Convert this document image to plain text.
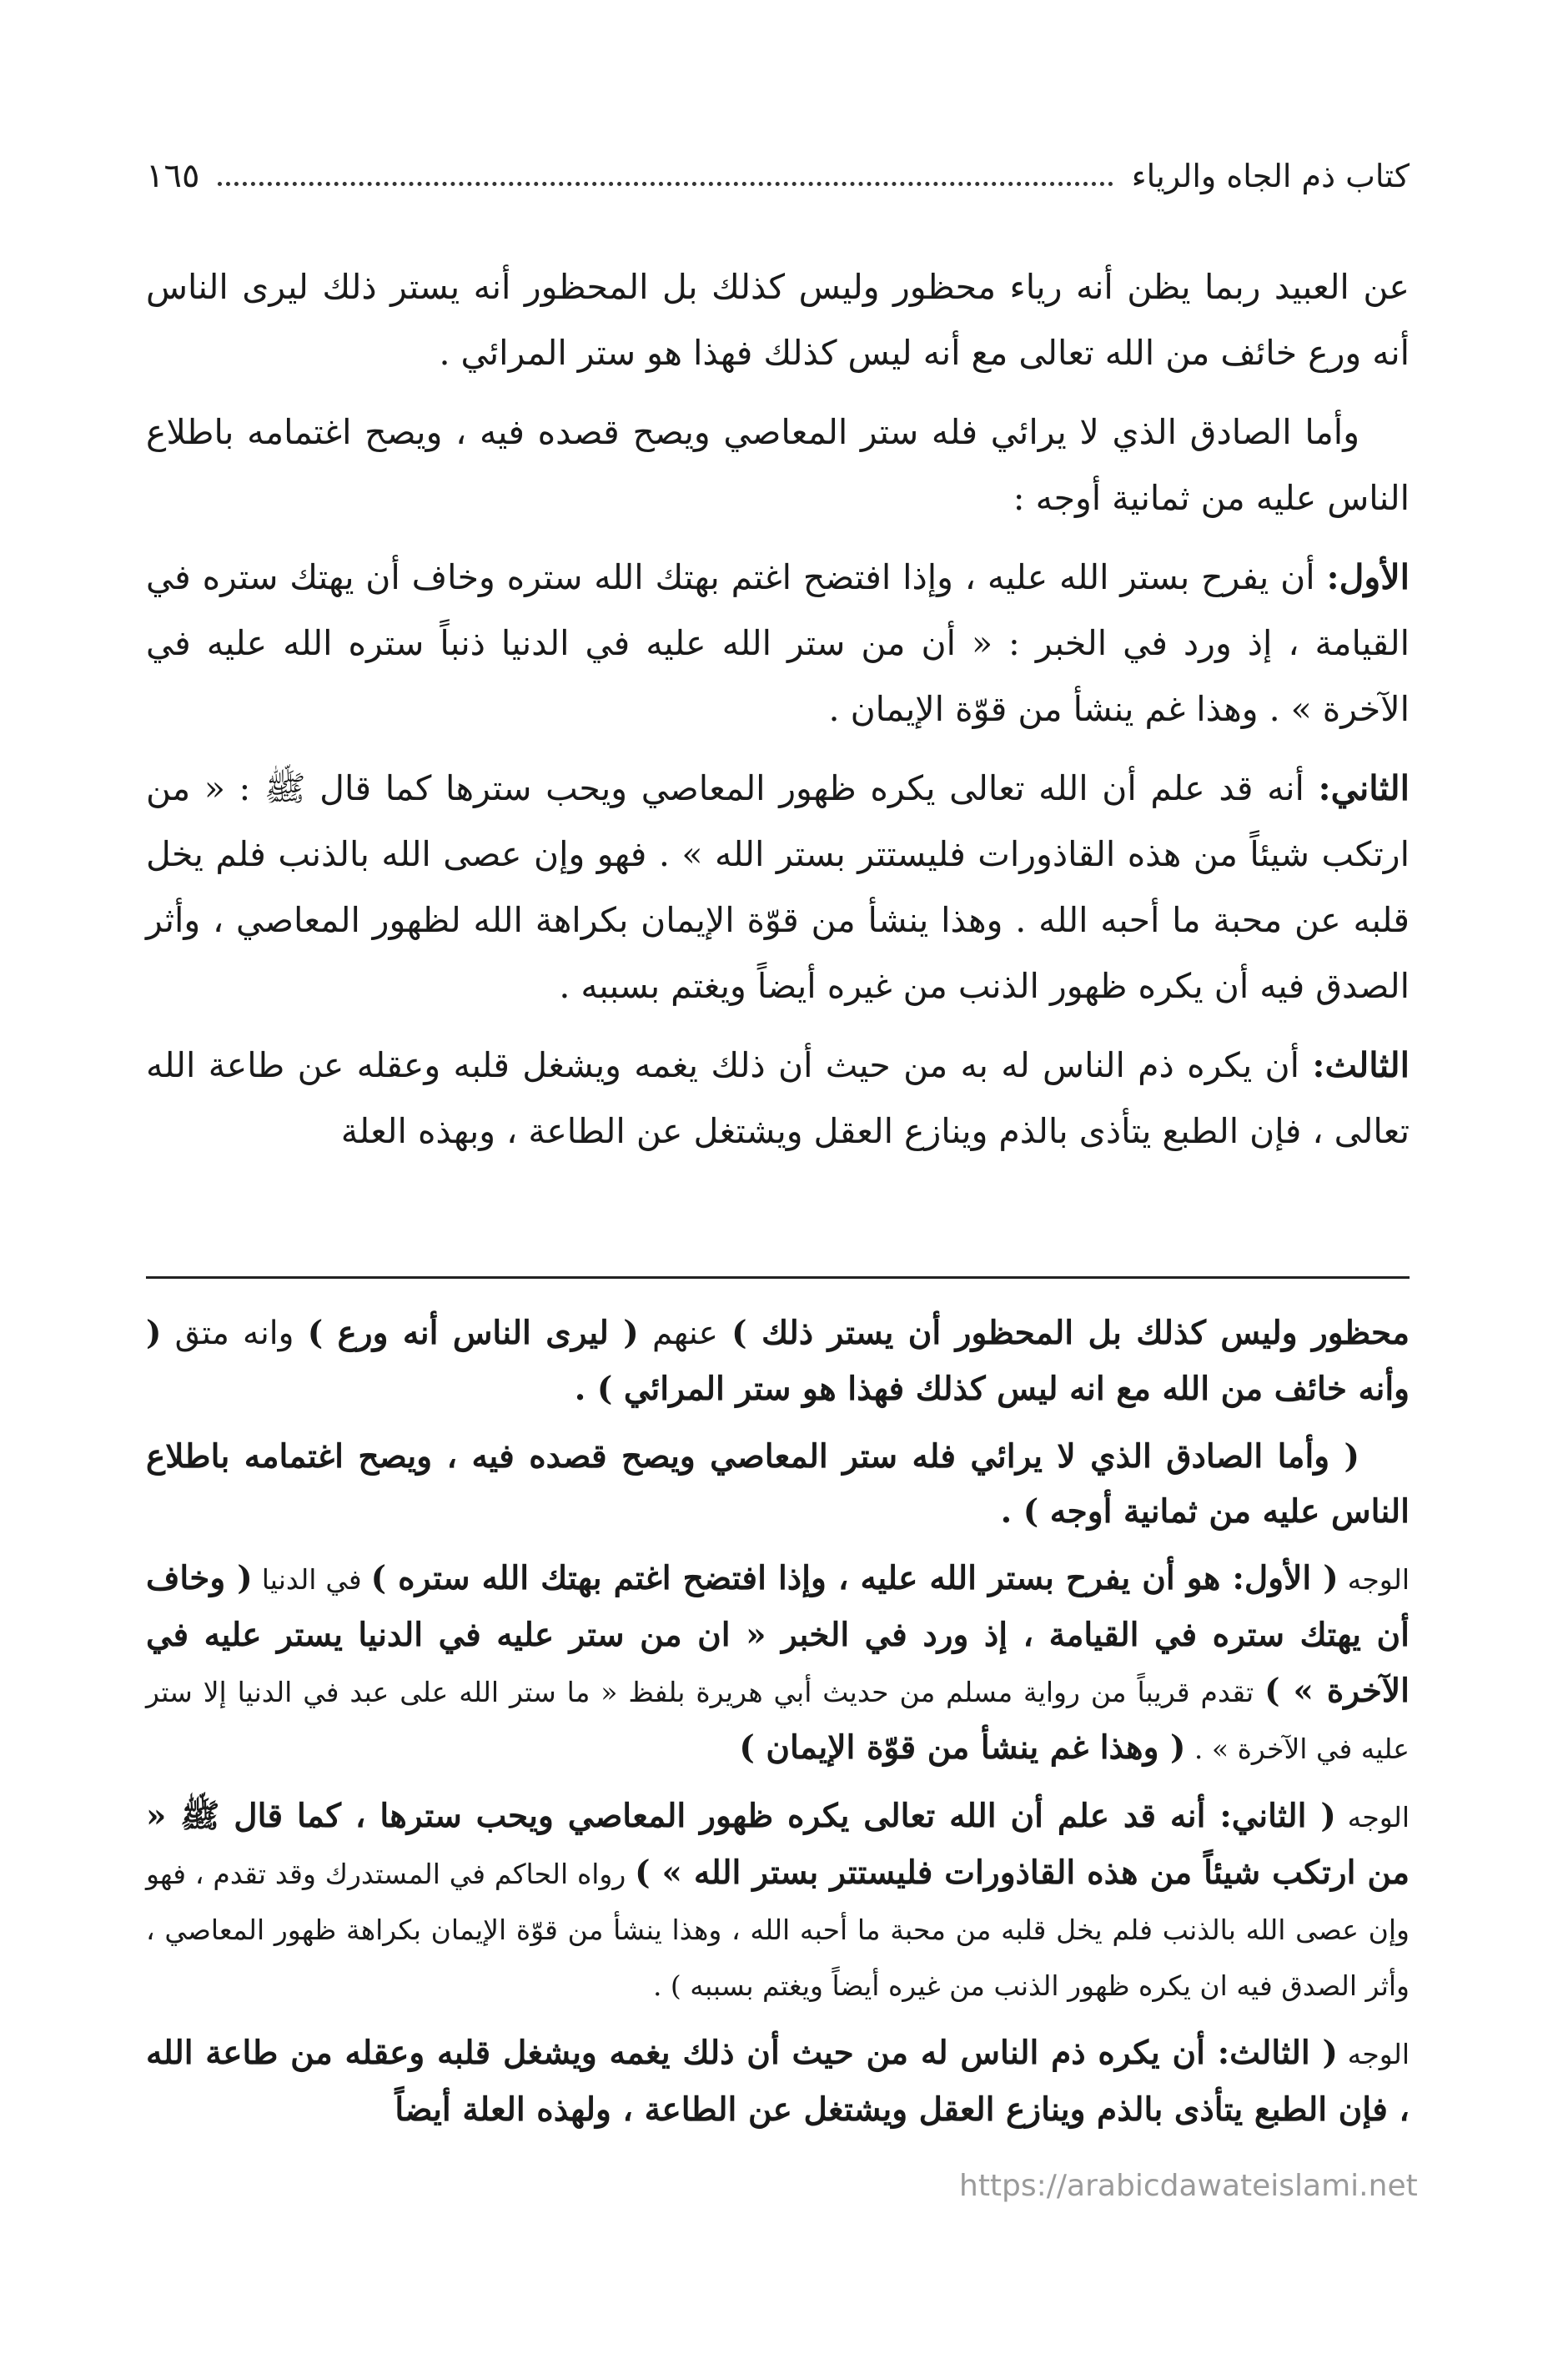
كتاب ذم الجاه والرياء
١٦٥

عن العبيد ربما يظن أنه رياء محظور وليس كذلك بل المحظور أنه يستر ذلك ليرى الناس أنه ورع خائف من الله تعالى مع أنه ليس كذلك فهذا هو ستر المرائي .

وأما الصادق الذي لا يرائي فله ستر المعاصي ويصح قصده فيه ، ويصح اغتمامه باطلاع الناس عليه من ثمانية أوجه :

الأول: أن يفرح بستر الله عليه ، وإذا افتضح اغتم بهتك الله ستره وخاف أن يهتك ستره في القيامة ، إذ ورد في الخبر : « أن من ستر الله عليه في الدنيا ذنباً ستره الله عليه في الآخرة » . وهذا غم ينشأ من قوّة الإيمان .

الثاني: أنه قد علم أن الله تعالى يكره ظهور المعاصي ويحب سترها كما قال ﷺ : « من ارتكب شيئاً من هذه القاذورات فليستتر بستر الله » . فهو وإن عصى الله بالذنب فلم يخل قلبه عن محبة ما أحبه الله . وهذا ينشأ من قوّة الإيمان بكراهة الله لظهور المعاصي ، وأثر الصدق فيه أن يكره ظهور الذنب من غيره أيضاً ويغتم بسببه .

الثالث: أن يكره ذم الناس له به من حيث أن ذلك يغمه ويشغل قلبه وعقله عن طاعة الله تعالى ، فإن الطبع يتأذى بالذم وينازع العقل ويشتغل عن الطاعة ، وبهذه العلة

محظور وليس كذلك بل المحظور أن يستر ذلك ) عنهم ( ليرى الناس أنه ورع ) وانه متق ( وأنه خائف من الله مع انه ليس كذلك فهذا هو ستر المرائي ) .

( وأما الصادق الذي لا يرائي فله ستر المعاصي ويصح قصده فيه ، ويصح اغتمامه باطلاع الناس عليه من ثمانية أوجه ) .

الوجه ( الأول: هو أن يفرح بستر الله عليه ، وإذا افتضح اغتم بهتك الله ستره ) في الدنيا ( وخاف أن يهتك ستره في القيامة ، إذ ورد في الخبر « ان من ستر عليه في الدنيا يستر عليه في الآخرة » ) تقدم قريباً من رواية مسلم من حديث أبي هريرة بلفظ « ما ستر الله على عبد في الدنيا إلا ستر عليه في الآخرة » . ( وهذا غم ينشأ من قوّة الإيمان )

الوجه ( الثاني: أنه قد علم أن الله تعالى يكره ظهور المعاصي ويحب سترها ، كما قال ﷺ « من ارتكب شيئاً من هذه القاذورات فليستتر بستر الله » ) رواه الحاكم في المستدرك وقد تقدم ، فهو وإن عصى الله بالذنب فلم يخل قلبه من محبة ما أحبه الله ، وهذا ينشأ من قوّة الإيمان بكراهة ظهور المعاصي ، وأثر الصدق فيه ان يكره ظهور الذنب من غيره أيضاً ويغتم بسببه ) .

الوجه ( الثالث: أن يكره ذم الناس له من حيث أن ذلك يغمه ويشغل قلبه وعقله من طاعة الله ، فإن الطبع يتأذى بالذم وينازع العقل ويشتغل عن الطاعة ، ولهذه العلة أيضاً

https://arabicdawateislami.net
